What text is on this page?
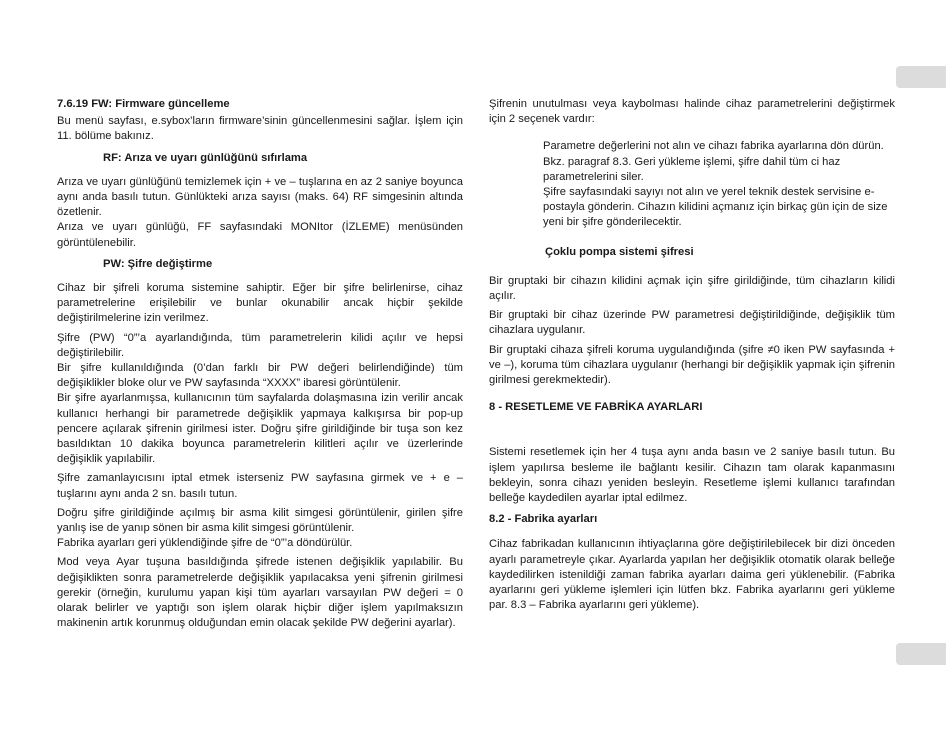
7.6.19 FW: Firmware güncelleme

Bu menü sayfası, e.sybox’ların firmware’sinin güncellenmesini sağlar. İşlem için 11. bölüme bakınız.

RF: Arıza ve uyarı günlüğünü sıfırlama

Arıza ve uyarı günlüğünü temizlemek için + ve – tuşlarına en az 2 saniye boyunca aynı anda basılı tutun. Günlükteki arıza sayısı (maks. 64) RF simgesinin altında özetlenir.

Arıza ve uyarı günlüğü, FF sayfasındaki MONItor (İZLEME) menüsünden görüntülenebilir.

PW: Şifre değiştirme

Cihaz bir şifreli koruma sistemine sahiptir. Eğer bir şifre belirlenirse, cihaz parametrelerine erişilebilir ve bunlar okunabilir ancak hiçbir şekilde değiştirilmelerine izin verilmez.

Şifre (PW) “0”’a ayarlandığında, tüm parametrelerin kilidi açılır ve hepsi değiştirilebilir.

Bir şifre kullanıldığında (0’dan farklı bir PW değeri belirlendiğinde) tüm değişiklikler bloke olur ve PW sayfasında “XXXX” ibaresi görüntülenir.

Bir şifre ayarlanmışsa, kullanıcının tüm sayfalarda dolaşmasına izin verilir ancak kullanıcı herhangi bir parametrede değişiklik yapmaya kalkışırsa bir pop-up pencere açılarak şifrenin girilmesi ister. Doğru şifre girildiğinde bir tuşa son kez basıldıktan 10 dakika boyunca parametrelerin kilitleri açılır ve üzerlerinde değişiklik yapılabilir.

Şifre zamanlayıcısını iptal etmek isterseniz PW sayfasına girmek ve + e – tuşlarını aynı anda 2 sn. basılı tutun.

Doğru şifre girildiğinde açılmış bir asma kilit simgesi görüntülenir, girilen şifre yanlış ise de yanıp sönen bir asma kilit simgesi görüntülenir.

Fabrika ayarları geri yüklendiğinde şifre de “0”’a döndürülür.

Mod veya Ayar tuşuna basıldığında şifrede istenen değişiklik yapılabilir. Bu değişiklikten sonra parametrelerde değişiklik yapılacaksa yeni şifrenin girilmesi gerekir (örneğin, kurulumu yapan kişi tüm ayarları varsayılan PW değeri = 0 olarak belirler ve yaptığı son işlem olarak hiçbir diğer işlem yapılmaksızın makinenin artık korunmuş olduğundan emin olacak şekilde PW değerini ayarlar).

Şifrenin unutulması veya kaybolması halinde cihaz parametrelerini değiştirmek için 2 seçenek vardır:

Parametre değerlerini not alın ve cihazı fabrika ayarlarına dön dürün. Bkz. paragraf 8.3. Geri yükleme işlemi, şifre dahil tüm ci haz parametrelerini siler.

Şifre sayfasındaki sayıyı not alın ve yerel teknik destek servisine e-postayla gönderin. Cihazın kilidini açmanız için birkaç gün için de size yeni bir şifre gönderilecektir.

Çoklu pompa sistemi şifresi

Bir gruptaki bir cihazın kilidini açmak için şifre girildiğinde, tüm cihazların kilidi açılır.

Bir gruptaki bir cihaz üzerinde PW parametresi değiştirildiğinde, değişiklik tüm cihazlara uygulanır.

Bir gruptaki cihaza şifreli koruma uygulandığında (şifre ≠0 iken PW sayfasında + ve –), koruma tüm cihazlara uygulanır (herhangi bir değişiklik yapmak için şifrenin girilmesi gerekmektedir).

8 - RESETLEME VE FABRİKA AYARLARI

Sistemi resetlemek için her 4 tuşa aynı anda basın ve 2 saniye basılı tutun. Bu işlem yapılırsa besleme ile bağlantı kesilir. Cihazın tam olarak kapanmasını bekleyin, sonra cihazı yeniden besleyin. Resetleme işlemi kullanıcı tarafından belleğe kaydedilen ayarlar iptal edilmez.

8.2 - Fabrika ayarları

Cihaz fabrikadan kullanıcının ihtiyaçlarına göre değiştirilebilecek bir dizi önceden ayarlı parametreyle çıkar. Ayarlarda yapılan her değişiklik otomatik olarak belleğe kaydedilirken istenildiği zaman fabrika ayarları daima geri yüklenebilir. (Fabrika ayarlarını geri yükleme işlemleri için lütfen bkz. Fabrika ayarlarını geri yükleme par. 8.3 – Fabrika ayarlarını geri yükleme).
